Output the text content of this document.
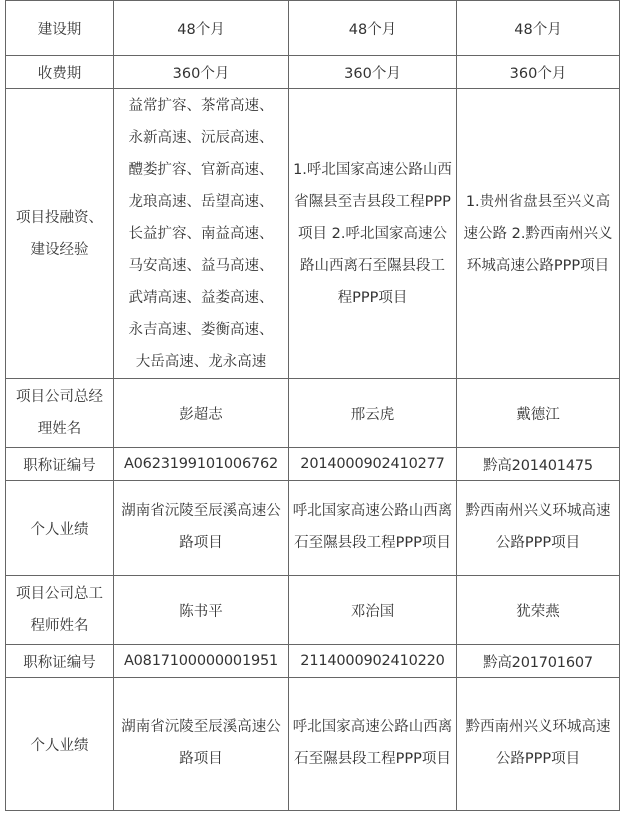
建设期	48个月	48个月	48个月
收费期	360个月	360个月	360个月
项目投融资、建设经验	益常扩容、茶常高速、永新高速、沅辰高速、醴娄扩容、官新高速、龙琅高速、岳望高速、长益扩容、南益高速、马安高速、益马高速、武靖高速、益娄高速、永吉高速、娄衡高速、大岳高速、龙永高速	1.呼北国家高速公路山西省隰县至吉县段工程PPP项目 2.呼北国家高速公路山西离石至隰县段工程PPP项目	1.贵州省盘县至兴义高速公路 2.黔西南州兴义环城高速公路PPP项目
项目公司总经理姓名	彭超志	邢云虎	戴德江
职称证编号	A0623199101006762	2014000902410277	黔高201401475
个人业绩	湖南省沅陵至辰溪高速公路项目	呼北国家高速公路山西离石至隰县段工程PPP项目	黔西南州兴义环城高速公路PPP项目
项目公司总工程师姓名	陈书平	邓治国	犹荣燕
职称证编号	A0817100000001951	2114000902410220	黔高201701607
个人业绩	湖南省沅陵至辰溪高速公路项目	呼北国家高速公路山西离石至隰县段工程PPP项目	黔西南州兴义环城高速公路PPP项目
